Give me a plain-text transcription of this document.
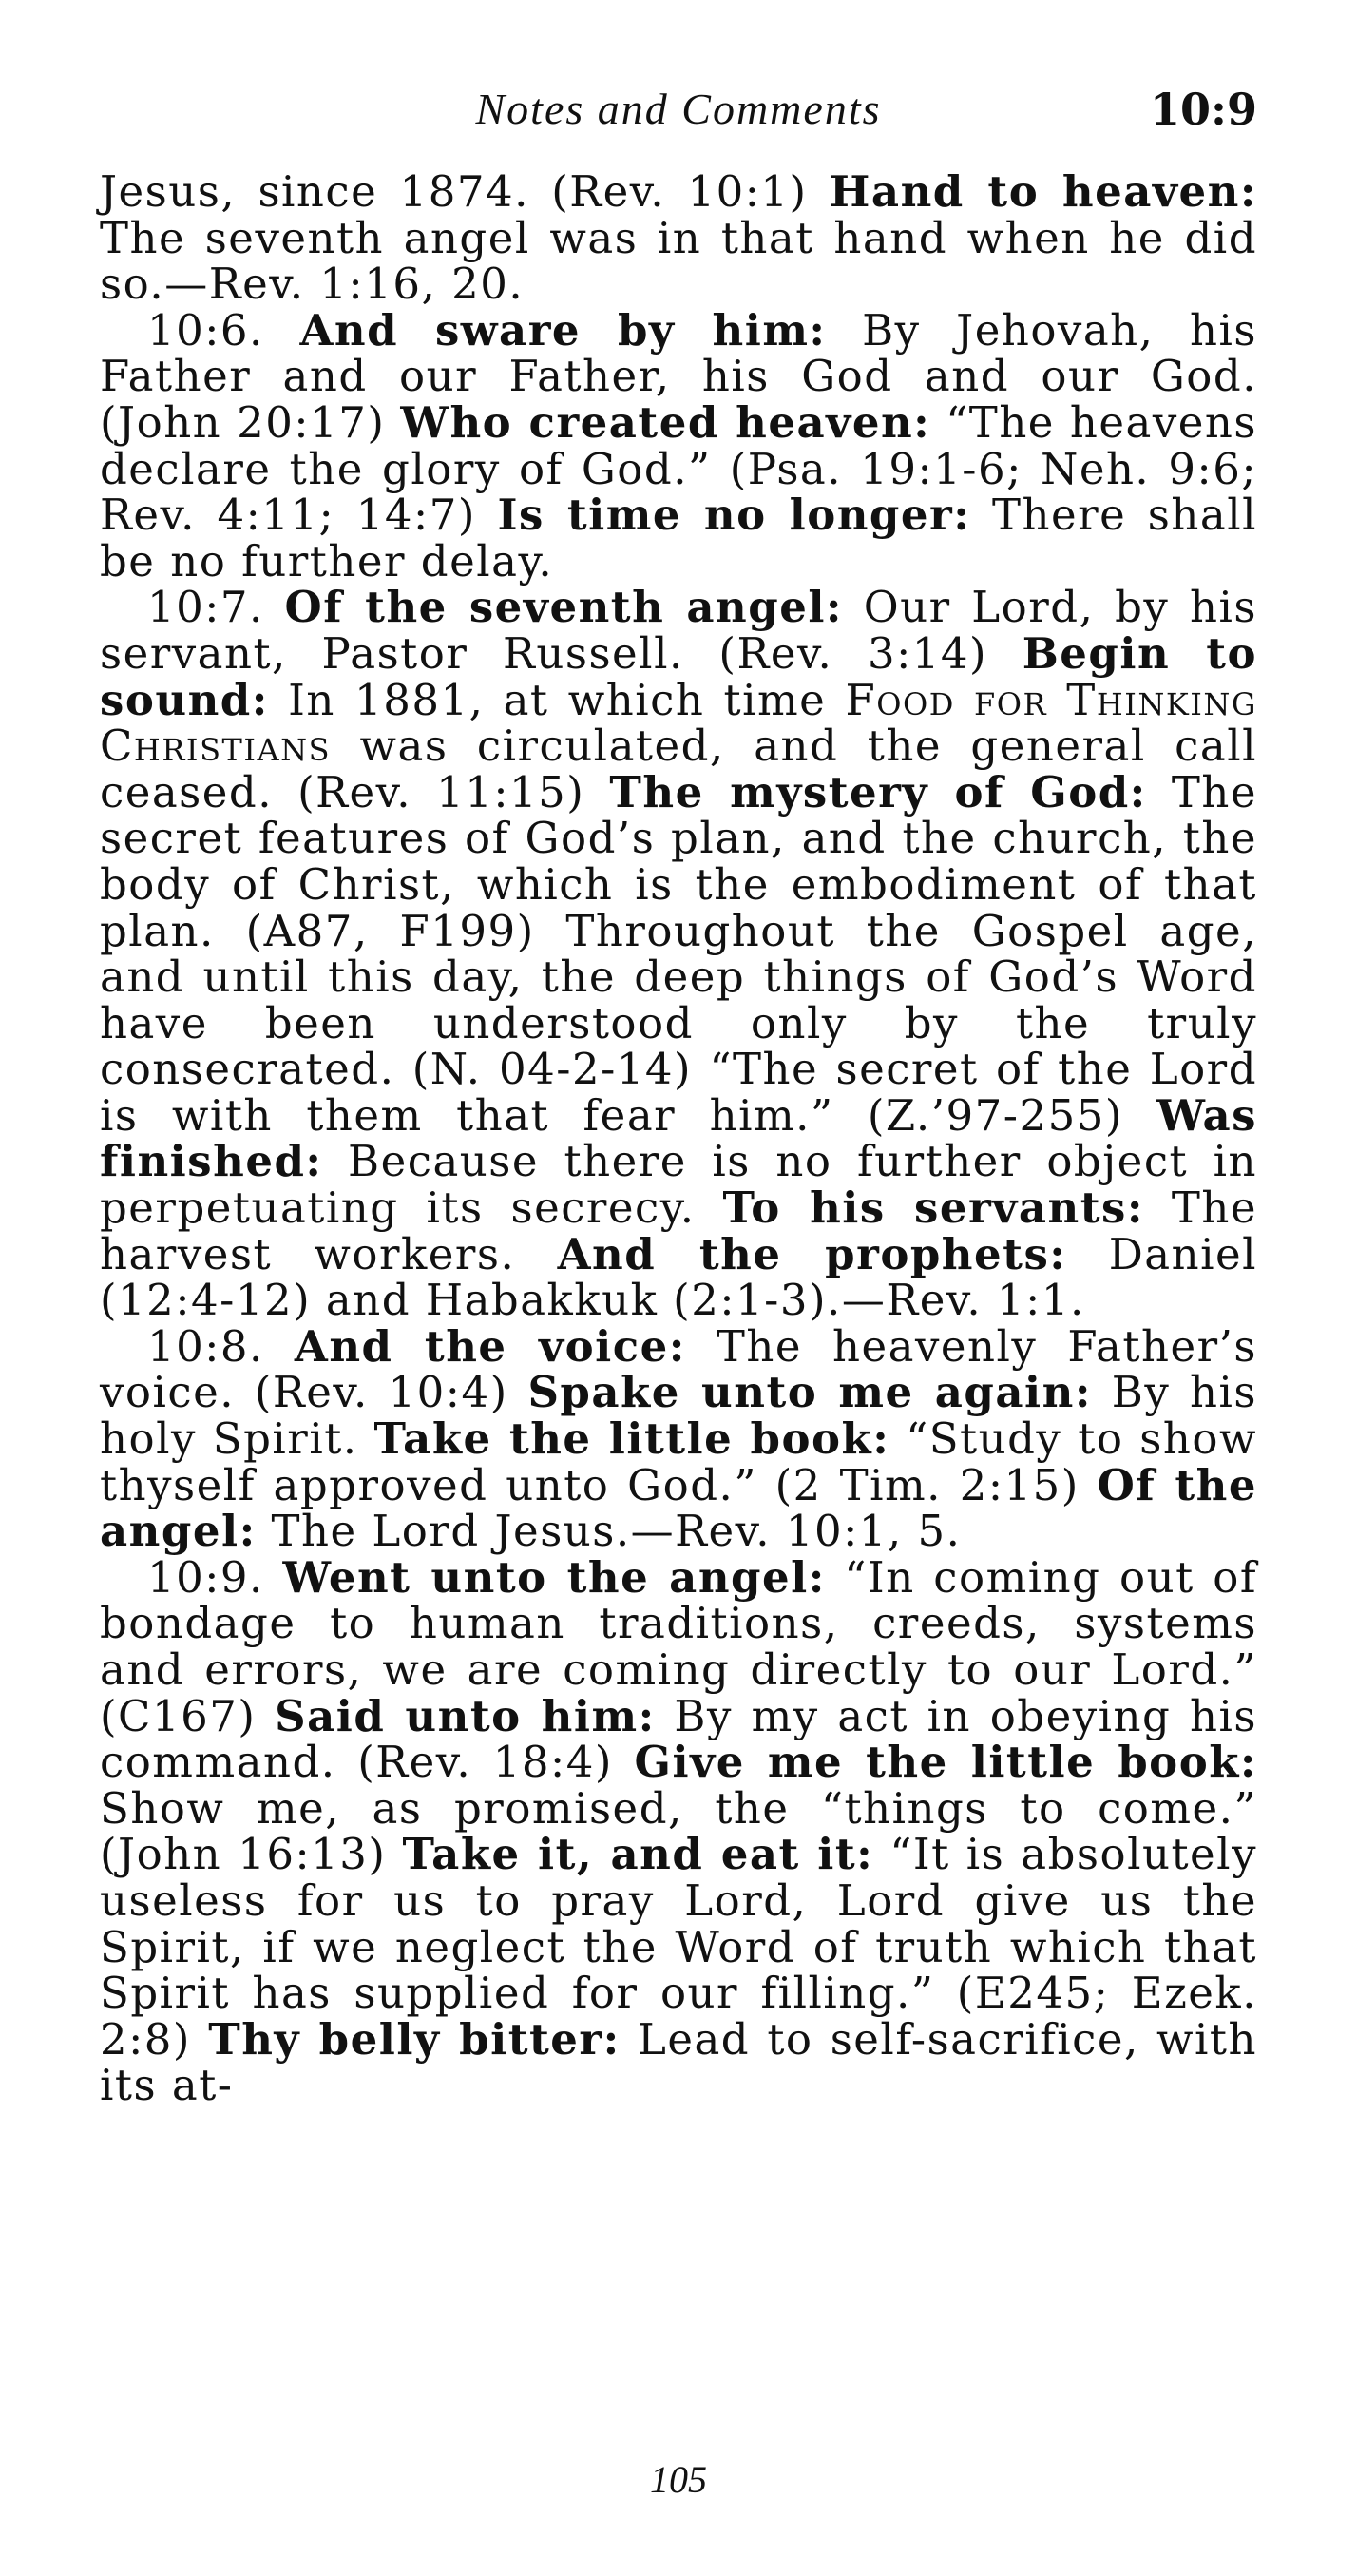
Notes and Comments	10:9

Jesus, since 1874. (Rev. 10:1) Hand to heaven: The seventh angel was in that hand when he did so.—Rev. 1:16, 20.

10:6. And sware by him: By Jehovah, his Father and our Father, his God and our God. (John 20:17) Who created heaven: “The heavens declare the glory of God.” (Psa. 19:1-6; Neh. 9:6; Rev. 4:11; 14:7) Is time no longer: There shall be no further delay.

10:7. Of the seventh angel: Our Lord, by his servant, Pastor Russell. (Rev. 3:14) Begin to sound: In 1881, at which time Food for Thinking Christians was circulated, and the general call ceased. (Rev. 11:15) The mystery of God: The secret features of God’s plan, and the church, the body of Christ, which is the embodiment of that plan. (A87, F199) Throughout the Gospel age, and until this day, the deep things of God’s Word have been understood only by the truly consecrated. (N. 04-2-14) “The secret of the Lord is with them that fear him.” (Z.’97-255) Was finished: Because there is no further object in perpetuating its secrecy. To his servants: The harvest workers. And the prophets: Daniel (12:4-12) and Habakkuk (2:1-3).—Rev. 1:1.

10:8. And the voice: The heavenly Father’s voice. (Rev. 10:4) Spake unto me again: By his holy Spirit. Take the little book: “Study to show thyself approved unto God.” (2 Tim. 2:15) Of the angel: The Lord Jesus.—Rev. 10:1, 5.

10:9. Went unto the angel: “In coming out of bondage to human traditions, creeds, systems and errors, we are coming directly to our Lord.” (C167) Said unto him: By my act in obeying his command. (Rev. 18:4) Give me the little book: Show me, as promised, the “things to come.” (John 16:13) Take it, and eat it: “It is absolutely useless for us to pray Lord, Lord give us the Spirit, if we neglect the Word of truth which that Spirit has supplied for our filling.” (E245; Ezek. 2:8) Thy belly bitter: Lead to self-sacrifice, with its at-

105
